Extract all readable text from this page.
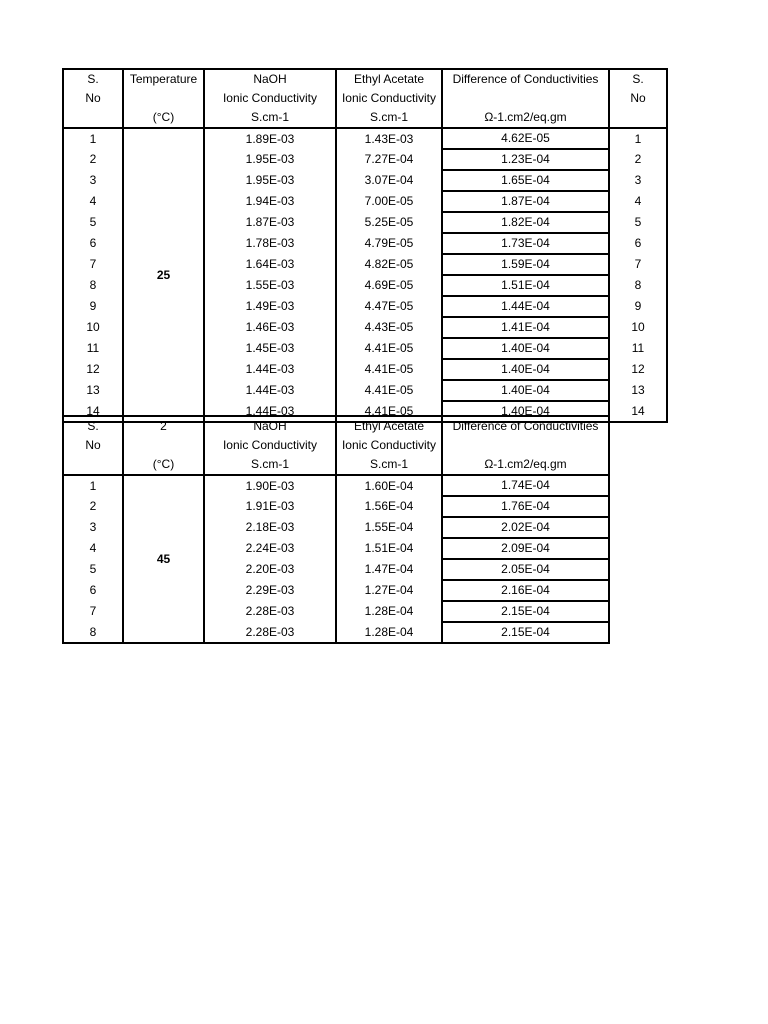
S.	Temperature	NaOH	Ethyl Acetate	Difference of Conductivities	S.
No		Ionic Conductivity	Ionic Conductivity		No
	(°C)	S.cm-1	S.cm-1	Ω-1.cm2/eq.gm	
1	25	1.89E-03	1.43E-03	4.62E-05	1
2		1.95E-03	7.27E-04	1.23E-04	2
3		1.95E-03	3.07E-04	1.65E-04	3
4		1.94E-03	7.00E-05	1.87E-04	4
5		1.87E-03	5.25E-05	1.82E-04	5
6		1.78E-03	4.79E-05	1.73E-04	6
7		1.64E-03	4.82E-05	1.59E-04	7
8		1.55E-03	4.69E-05	1.51E-04	8
9		1.49E-03	4.47E-05	1.44E-04	9
10		1.46E-03	4.43E-05	1.41E-04	10
11		1.45E-03	4.41E-05	1.40E-04	11
12		1.44E-03	4.41E-05	1.40E-04	12
13		1.44E-03	4.41E-05	1.40E-04	13
14		1.44E-03	4.41E-05	1.40E-04	14
S.	2	NaOH	Ethyl Acetate	Difference of Conductivities
No		Ionic Conductivity	Ionic Conductivity	
	(°C)	S.cm-1	S.cm-1	Ω-1.cm2/eq.gm
1	45	1.90E-03	1.60E-04	1.74E-04
2		1.91E-03	1.56E-04	1.76E-04
3		2.18E-03	1.55E-04	2.02E-04
4		2.24E-03	1.51E-04	2.09E-04
5		2.20E-03	1.47E-04	2.05E-04
6		2.29E-03	1.27E-04	2.16E-04
7		2.28E-03	1.28E-04	2.15E-04
8		2.28E-03	1.28E-04	2.15E-04
